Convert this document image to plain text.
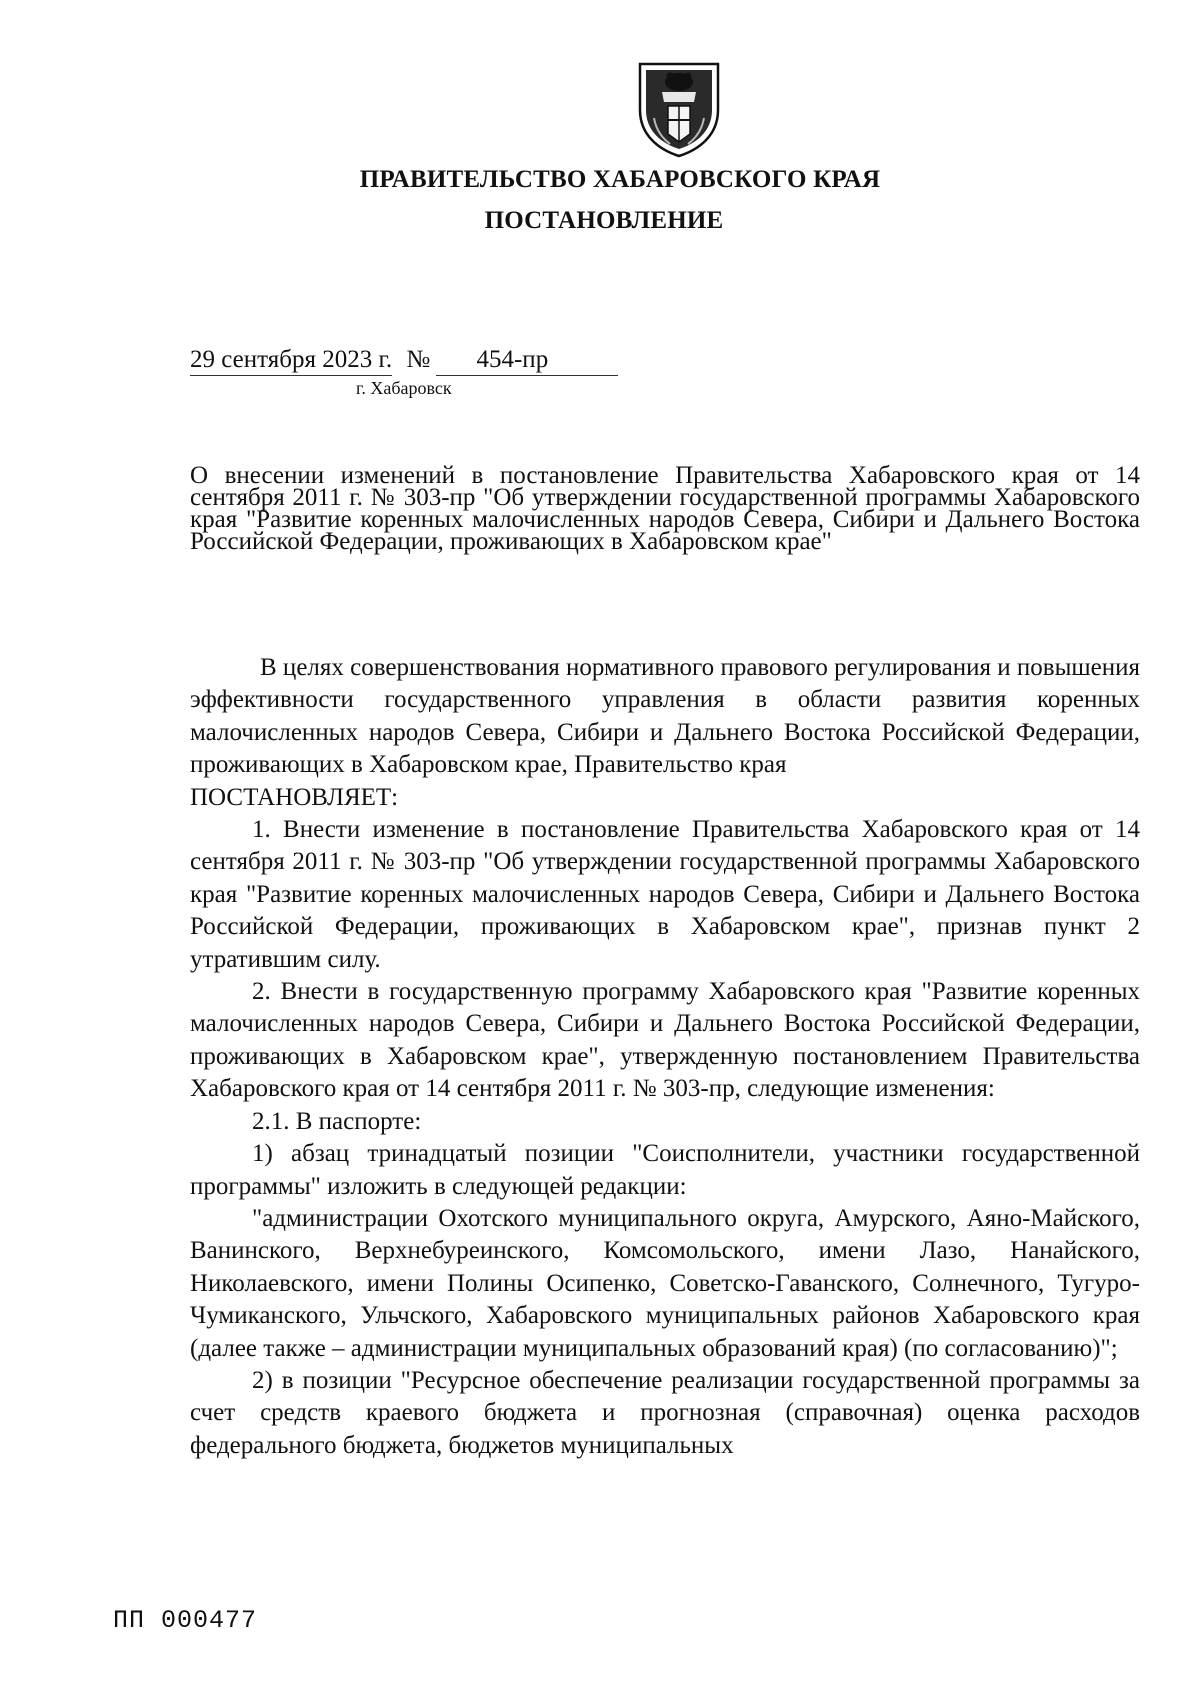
ПРАВИТЕЛЬСТВО ХАБАРОВСКОГО КРАЯ
ПОСТАНОВЛЕНИЕ
29 сентября 2023 г. № 454-пр
г. Хабаровск
О внесении изменений в постановление Правительства Хабаровского края от 14 сентября 2011 г. № 303-пр "Об утверждении государственной программы Хабаровского края "Развитие коренных малочисленных народов Севера, Сибири и Дальнего Востока Российской Федерации, проживающих в Хабаровском крае"

В целях совершенствования нормативного правового регулирования и повышения эффективности государственного управления в области развития коренных малочисленных народов Севера, Сибири и Дальнего Востока Российской Федерации, проживающих в Хабаровском крае, Правительство края

ПОСТАНОВЛЯЕТ:

1. Внести изменение в постановление Правительства Хабаровского края от 14 сентября 2011 г. № 303-пр "Об утверждении государственной программы Хабаровского края "Развитие коренных малочисленных народов Севера, Сибири и Дальнего Востока Российской Федерации, проживающих в Хабаровском крае", признав пункт 2 утратившим силу.

2. Внести в государственную программу Хабаровского края "Развитие коренных малочисленных народов Севера, Сибири и Дальнего Востока Российской Федерации, проживающих в Хабаровском крае", утвержденную постановлением Правительства Хабаровского края от 14 сентября 2011 г. № 303-пр, следующие изменения:

2.1. В паспорте:

1) абзац тринадцатый позиции "Соисполнители, участники государственной программы" изложить в следующей редакции:

"администрации Охотского муниципального округа, Амурского, Аяно-Майского, Ванинского, Верхнебуреинского, Комсомольского, имени Лазо, Нанайского, Николаевского, имени Полины Осипенко, Советско-Гаванского, Солнечного, Тугуро-Чумиканского, Ульчского, Хабаровского муниципальных районов Хабаровского края (далее также – администрации муниципальных образований края) (по согласованию)";

2) в позиции "Ресурсное обеспечение реализации государственной программы за счет средств краевого бюджета и прогнозная (справочная) оценка расходов федерального бюджета, бюджетов муниципальных

ПП 000477
